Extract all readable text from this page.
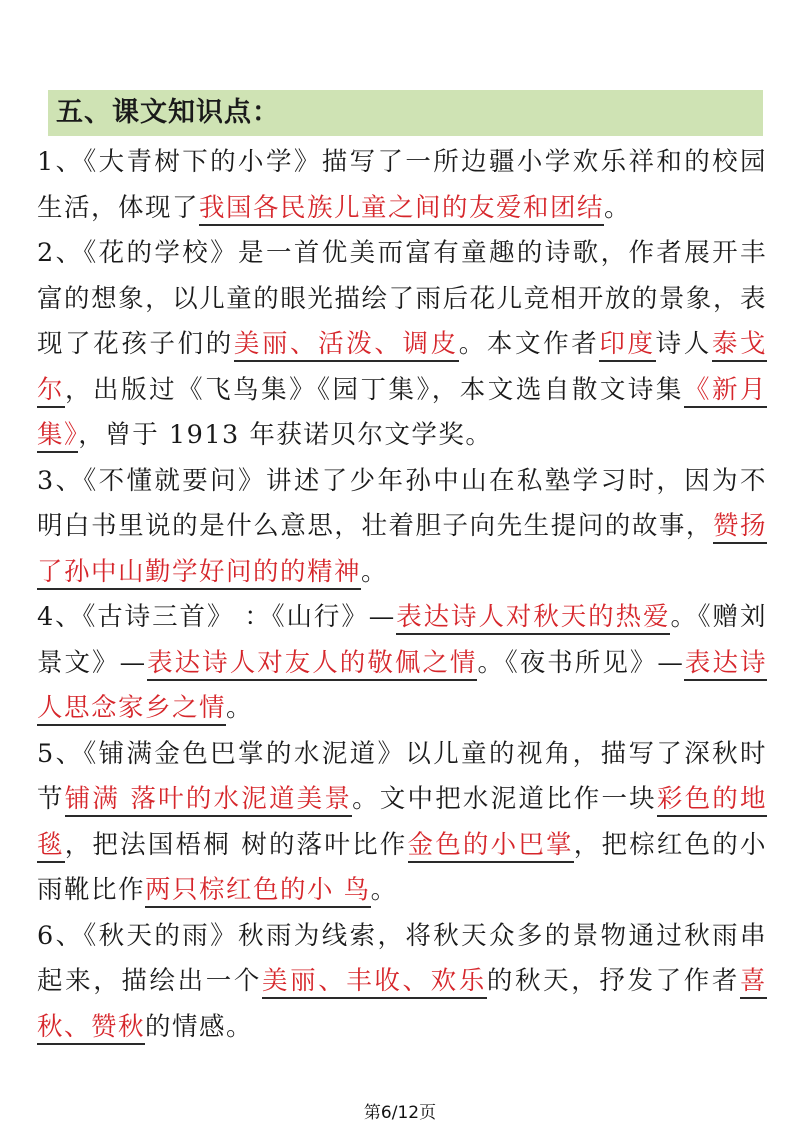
五、课文知识点：

1、《大青树下的小学》描写了一所边疆小学欢乐祥和的校园生活，体现了我国各民族儿童之间的友爱和团结。

2、《花的学校》是一首优美而富有童趣的诗歌，作者展开丰富的想象，以儿童的眼光描绘了雨后花儿竞相开放的景象，表现了花孩子们的美丽、活泼、调皮。本文作者印度诗人泰戈尔，出版过《飞鸟集》《园丁集》，本文选自散文诗集《新月集》，曾于 1913 年获诺贝尔文学奖。

3、《不懂就要问》讲述了少年孙中山在私塾学习时，因为不明白书里说的是什么意思，壮着胆子向先生提问的故事，赞扬了孙中山勤学好问的的精神。

4、《古诗三首》 ：《山行》—表达诗人对秋天的热爱。《赠刘景文》—表达诗人对友人的敬佩之情。《夜书所见》—表达诗人思念家乡之情。

5、《铺满金色巴掌的水泥道》以儿童的视角，描写了深秋时节铺满 落叶的水泥道美景。文中把水泥道比作一块彩色的地毯，把法国梧桐 树的落叶比作金色的小巴掌，把棕红色的小雨靴比作两只棕红色的小 鸟。

6、《秋天的雨》秋雨为线索，将秋天众多的景物通过秋雨串起来，描绘出一个美丽、丰收、欢乐的秋天，抒发了作者喜秋、赞秋的情感。

第6/12页
